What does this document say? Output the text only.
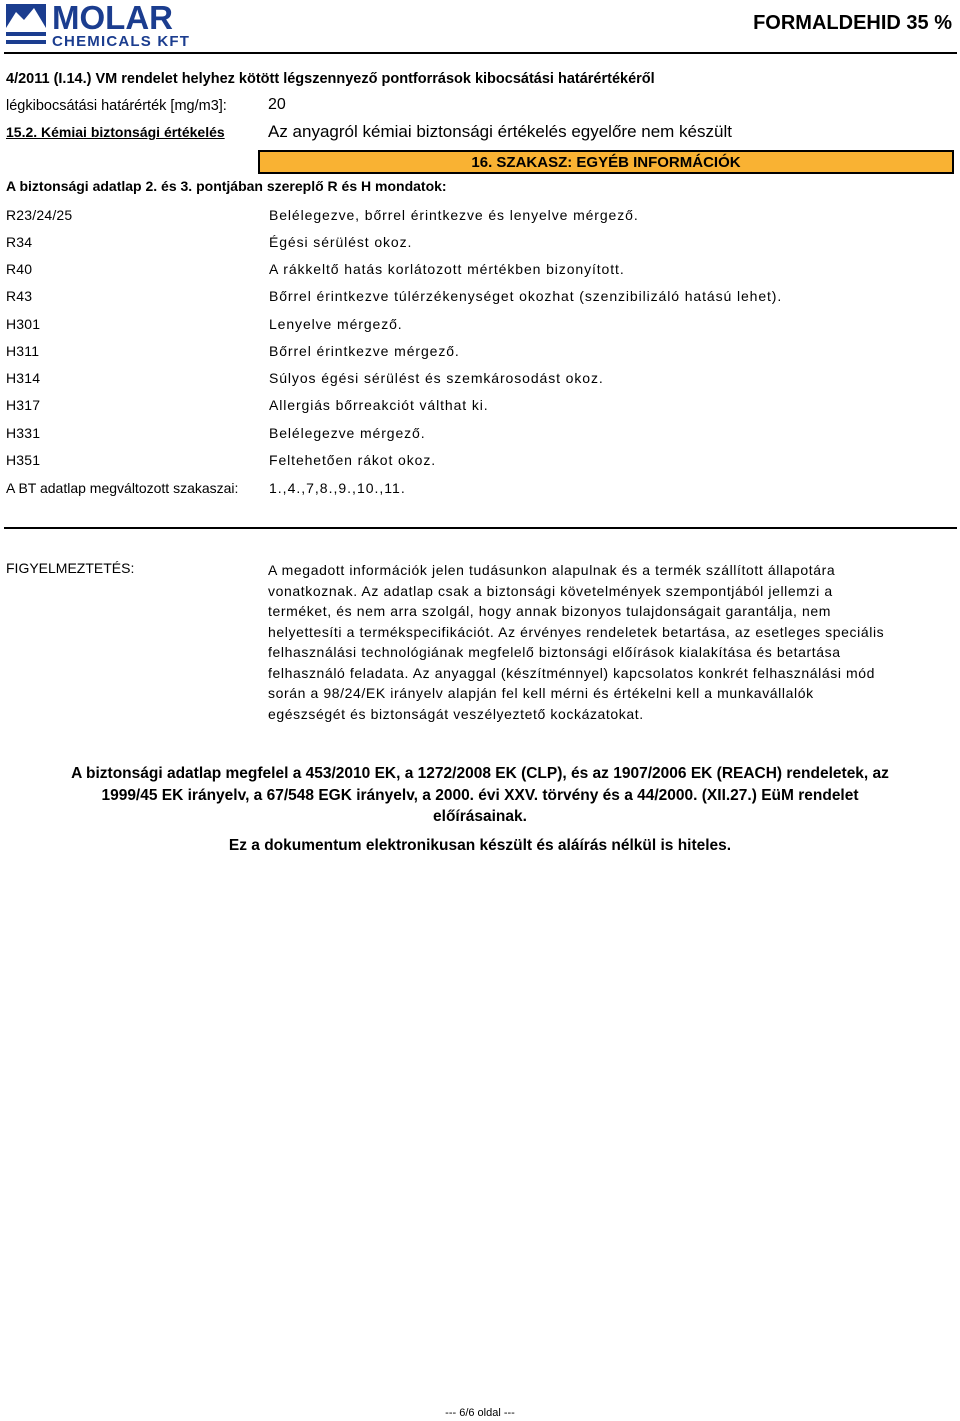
MOLAR
CHEMICALS KFT
FORMALDEHID 35 %
4/2011 (I.14.) VM rendelet helyhez kötött légszennyező pontforrások kibocsátási határértékéről
légkibocsátási határérték [mg/m3]:	20
15.2. Kémiai biztonsági értékelés	Az anyagról kémiai biztonsági értékelés egyelőre nem készült
16. SZAKASZ: EGYÉB INFORMÁCIÓK
A biztonsági adatlap 2. és 3. pontjában szereplő R és H mondatok:
R23/24/25	Belélegezve, bőrrel érintkezve és lenyelve mérgező.
R34	Égési sérülést okoz.
R40	A rákkeltő hatás korlátozott mértékben bizonyított.
R43	Bőrrel érintkezve túlérzékenységet okozhat (szenzibilizáló hatású lehet).
H301	Lenyelve mérgező.
H311	Bőrrel érintkezve mérgező.
H314	Súlyos égési sérülést és szemkárosodást okoz.
H317	Allergiás bőrreakciót válthat ki.
H331	Belélegezve mérgező.
H351	Feltehetően rákot okoz.
A BT adatlap megváltozott szakaszai: 1.,4.,7,8.,9.,10.,11.
FIGYELMEZTETÉS:	A megadott információk jelen tudásunkon alapulnak és a termék szállított állapotára
vonatkoznak. Az adatlap csak a biztonsági követelmények szempontjából jellemzi a
terméket, és nem arra szolgál, hogy annak bizonyos tulajdonságait garantálja, nem
helyettesíti a termékspecifikációt. Az érvényes rendeletek betartása, az esetleges speciális
felhasználási technológiának megfelelő biztonsági előírások kialakítása és betartása
felhasználó feladata. Az anyaggal (készítménnyel) kapcsolatos konkrét felhasználási mód
során a 98/24/EK irányelv alapján fel kell mérni és értékelni kell a munkavállalók
egészségét és biztonságát veszélyeztető kockázatokat.
A biztonsági adatlap megfelel a 453/2010 EK, a 1272/2008 EK (CLP), és az 1907/2006 EK (REACH) rendeletek, az
1999/45 EK irányelv, a 67/548 EGK irányelv, a 2000. évi XXV. törvény és a 44/2000. (XII.27.) EüM rendelet
előírásainak.
Ez a dokumentum elektronikusan készült és aláírás nélkül is hiteles.
--- 6/6 oldal ---
